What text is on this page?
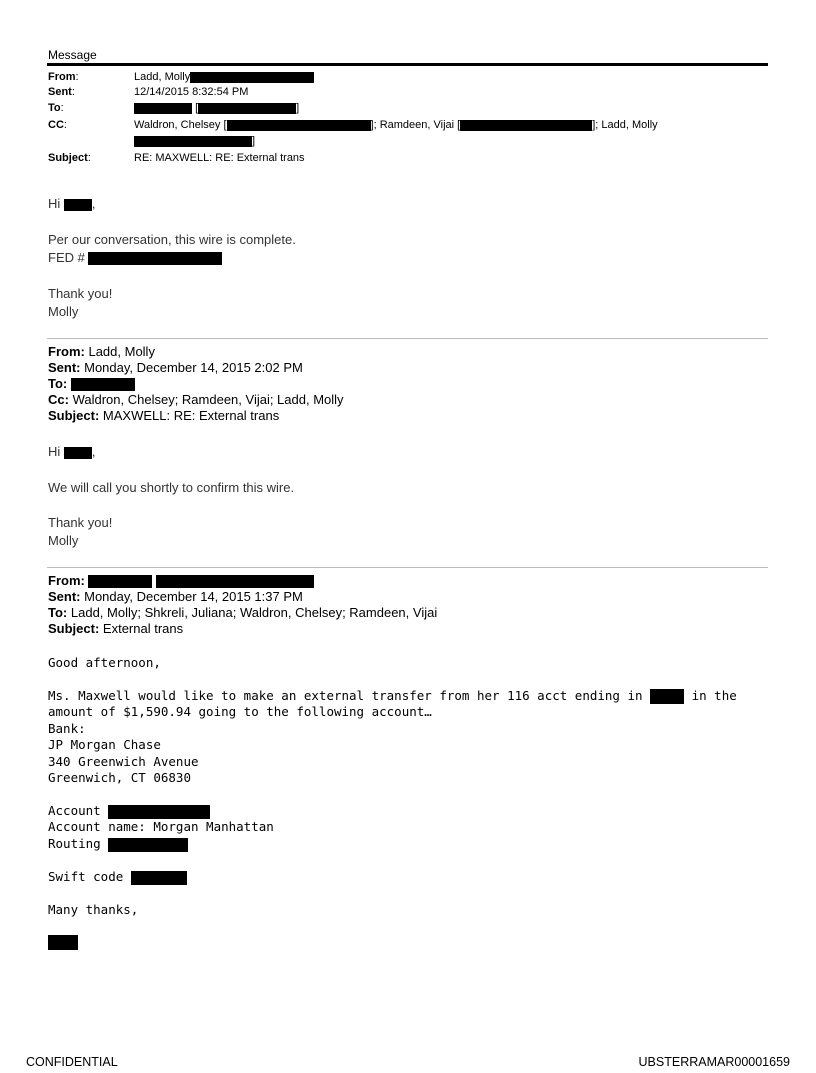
Message
From:	Ladd, Molly
Sent:	12/14/2015 8:32:54 PM
To:	[	]
CC:	Waldron, Chelsey [	]; Ramdeen, Vijai [	]; Ladd, Molly
]
Subject:	RE: MAXWELL: RE: External trans
Hi ,
Per our conversation, this wire is complete.
FED #
Thank you!
Molly
From: Ladd, Molly
Sent: Monday, December 14, 2015 2:02 PM
To:
Cc: Waldron, Chelsey; Ramdeen, Vijai; Ladd, Molly
Subject: MAXWELL: RE: External trans
Hi ,
We will call you shortly to confirm this wire.
Thank you!
Molly
From:
Sent: Monday, December 14, 2015 1:37 PM
To: Ladd, Molly; Shkreli, Juliana; Waldron, Chelsey; Ramdeen, Vijai
Subject: External trans
Good afternoon,
Ms. Maxwell would like to make an external transfer from her 116 acct ending in	in the
amount of $1,590.94 going to the following account…
Bank:
JP Morgan Chase
340 Greenwich Avenue
Greenwich, CT 06830
Account
Account name: Morgan Manhattan
Routing
Swift code
Many thanks,
CONFIDENTIAL	UBSTERRAMAR00001659
